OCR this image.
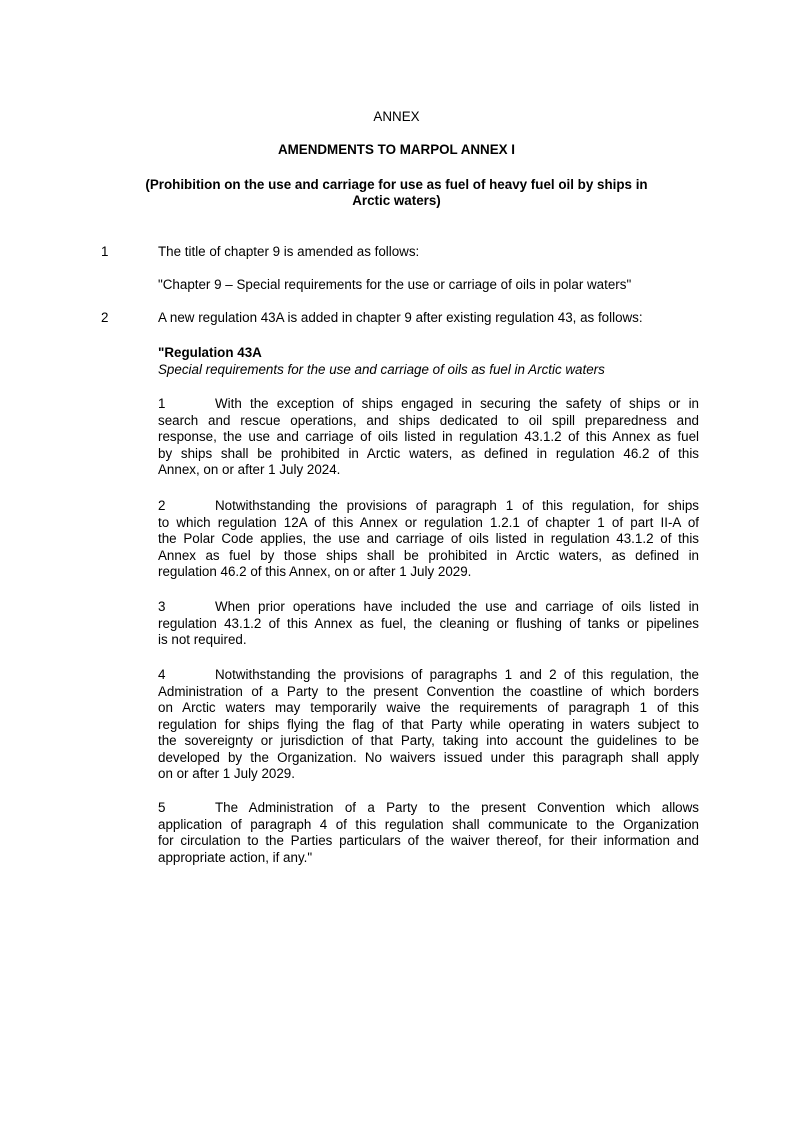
ANNEX
AMENDMENTS TO MARPOL ANNEX I
(Prohibition on the use and carriage for use as fuel of heavy fuel oil by ships in
Arctic waters)
1	The title of chapter 9 is amended as follows:
"Chapter 9 – Special requirements for the use or carriage of oils in polar waters"
2	A new regulation 43A is added in chapter 9 after existing regulation 43, as follows:
"Regulation 43A
Special requirements for the use and carriage of oils as fuel in Arctic waters
1	With the exception of ships engaged in securing the safety of ships or in
search and rescue operations, and ships dedicated to oil spill preparedness and
response, the use and carriage of oils listed in regulation 43.1.2 of this Annex as fuel
by ships shall be prohibited in Arctic waters, as defined in regulation 46.2 of this
Annex, on or after 1 July 2024.
2	Notwithstanding the provisions of paragraph 1 of this regulation, for ships
to which regulation 12A of this Annex or regulation 1.2.1 of chapter 1 of part II-A of
the Polar Code applies, the use and carriage of oils listed in regulation 43.1.2 of this
Annex as fuel by those ships shall be prohibited in Arctic waters, as defined in
regulation 46.2 of this Annex, on or after 1 July 2029.
3	When prior operations have included the use and carriage of oils listed in
regulation 43.1.2 of this Annex as fuel, the cleaning or flushing of tanks or pipelines
is not required.
4	Notwithstanding the provisions of paragraphs 1 and 2 of this regulation, the
Administration of a Party to the present Convention the coastline of which borders
on Arctic waters may temporarily waive the requirements of paragraph 1 of this
regulation for ships flying the flag of that Party while operating in waters subject to
the sovereignty or jurisdiction of that Party, taking into account the guidelines to be
developed by the Organization. No waivers issued under this paragraph shall apply
on or after 1 July 2029.
5	The Administration of a Party to the present Convention which allows
application of paragraph 4 of this regulation shall communicate to the Organization
for circulation to the Parties particulars of the waiver thereof, for their information and
appropriate action, if any."
